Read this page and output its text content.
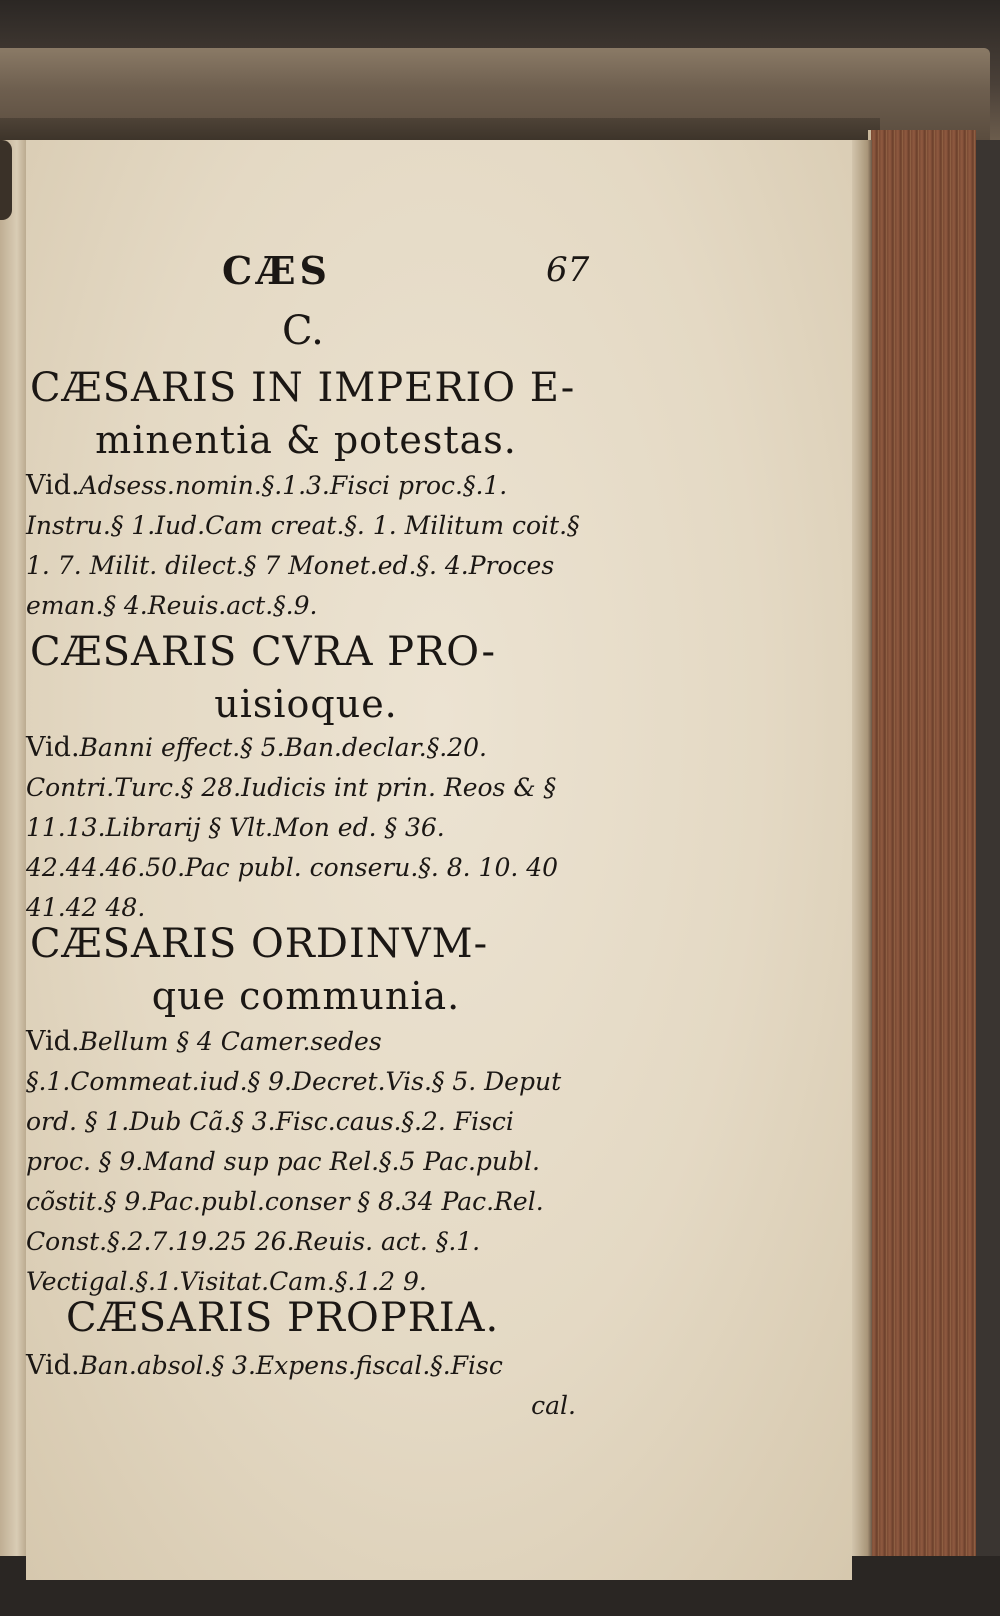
CÆS	67
C.
CÆSARIS IN IMPERIO E-
minentia & potestas.
Vid.Adsess.nomin.§.1.3.Fisci proc.§.1. Instru.§ 1.Iud.Cam creat.§. 1. Militum coit.§ 1. 7. Milit. dilect.§ 7 Monet.ed.§. 4.Proces eman.§ 4.Reuis.act.§.9.
CÆSARIS CVRA PRO-
uisioque.
Vid.Banni effect.§ 5.Ban.declar.§.20. Contri.Turc.§ 28.Iudicis int prin. Reos & § 11.13.Librarij § Vlt.Mon ed. § 36. 42.44.46.50.Pac publ. conseru.§. 8. 10. 40 41.42 48.
CÆSARIS ORDINVM-
que communia.
Vid.Bellum § 4 Camer.sedes §.1.Commeat.iud.§ 9.Decret.Vis.§ 5. Deput ord. § 1.Dub Cã.§ 3.Fisc.caus.§.2. Fisci proc. § 9.Mand sup pac Rel.§.5 Pac.publ. cõstit.§ 9.Pac.publ.conser § 8.34 Pac.Rel. Const.§.2.7.19.25 26.Reuis. act. §.1. Vectigal.§.1.Visitat.Cam.§.1.2 9.
CÆSARIS PROPRIA.
Vid.Ban.absol.§ 3.Expens.fiscal.§.Fisc
cal.
